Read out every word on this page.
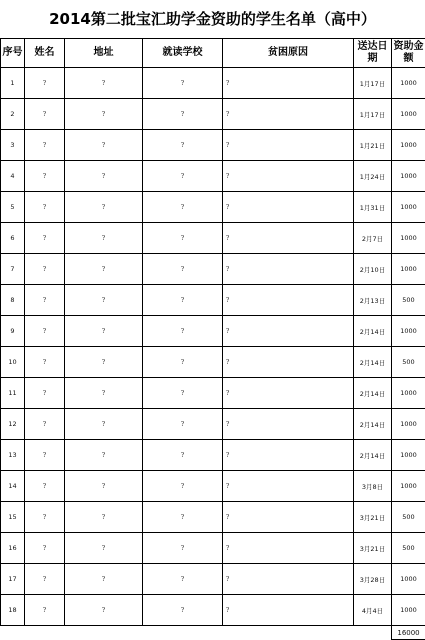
2014第二批宝汇助学金资助的学生名单（高中）
序号	姓名	地址	就读学校	贫困原因	送达日期	资助金额
1	?	?	?	?	1月17日	1000
2	?	?	?	?	1月17日	1000
3	?	?	?	?	1月21日	1000
4	?	?	?	?	1月24日	1000
5	?	?	?	?	1月31日	1000
6	?	?	?	?	2月7日	1000
7	?	?	?	?	2月10日	1000
8	?	?	?	?	2月13日	500
9	?	?	?	?	2月14日	1000
10	?	?	?	?	2月14日	500
11	?	?	?	?	2月14日	1000
12	?	?	?	?	2月14日	1000
13	?	?	?	?	2月14日	1000
14	?	?	?	?	3月8日	1000
15	?	?	?	?	3月21日	500
16	?	?	?	?	3月21日	500
17	?	?	?	?	3月28日	1000
18	?	?	?	?	4月4日	1000
						16000
